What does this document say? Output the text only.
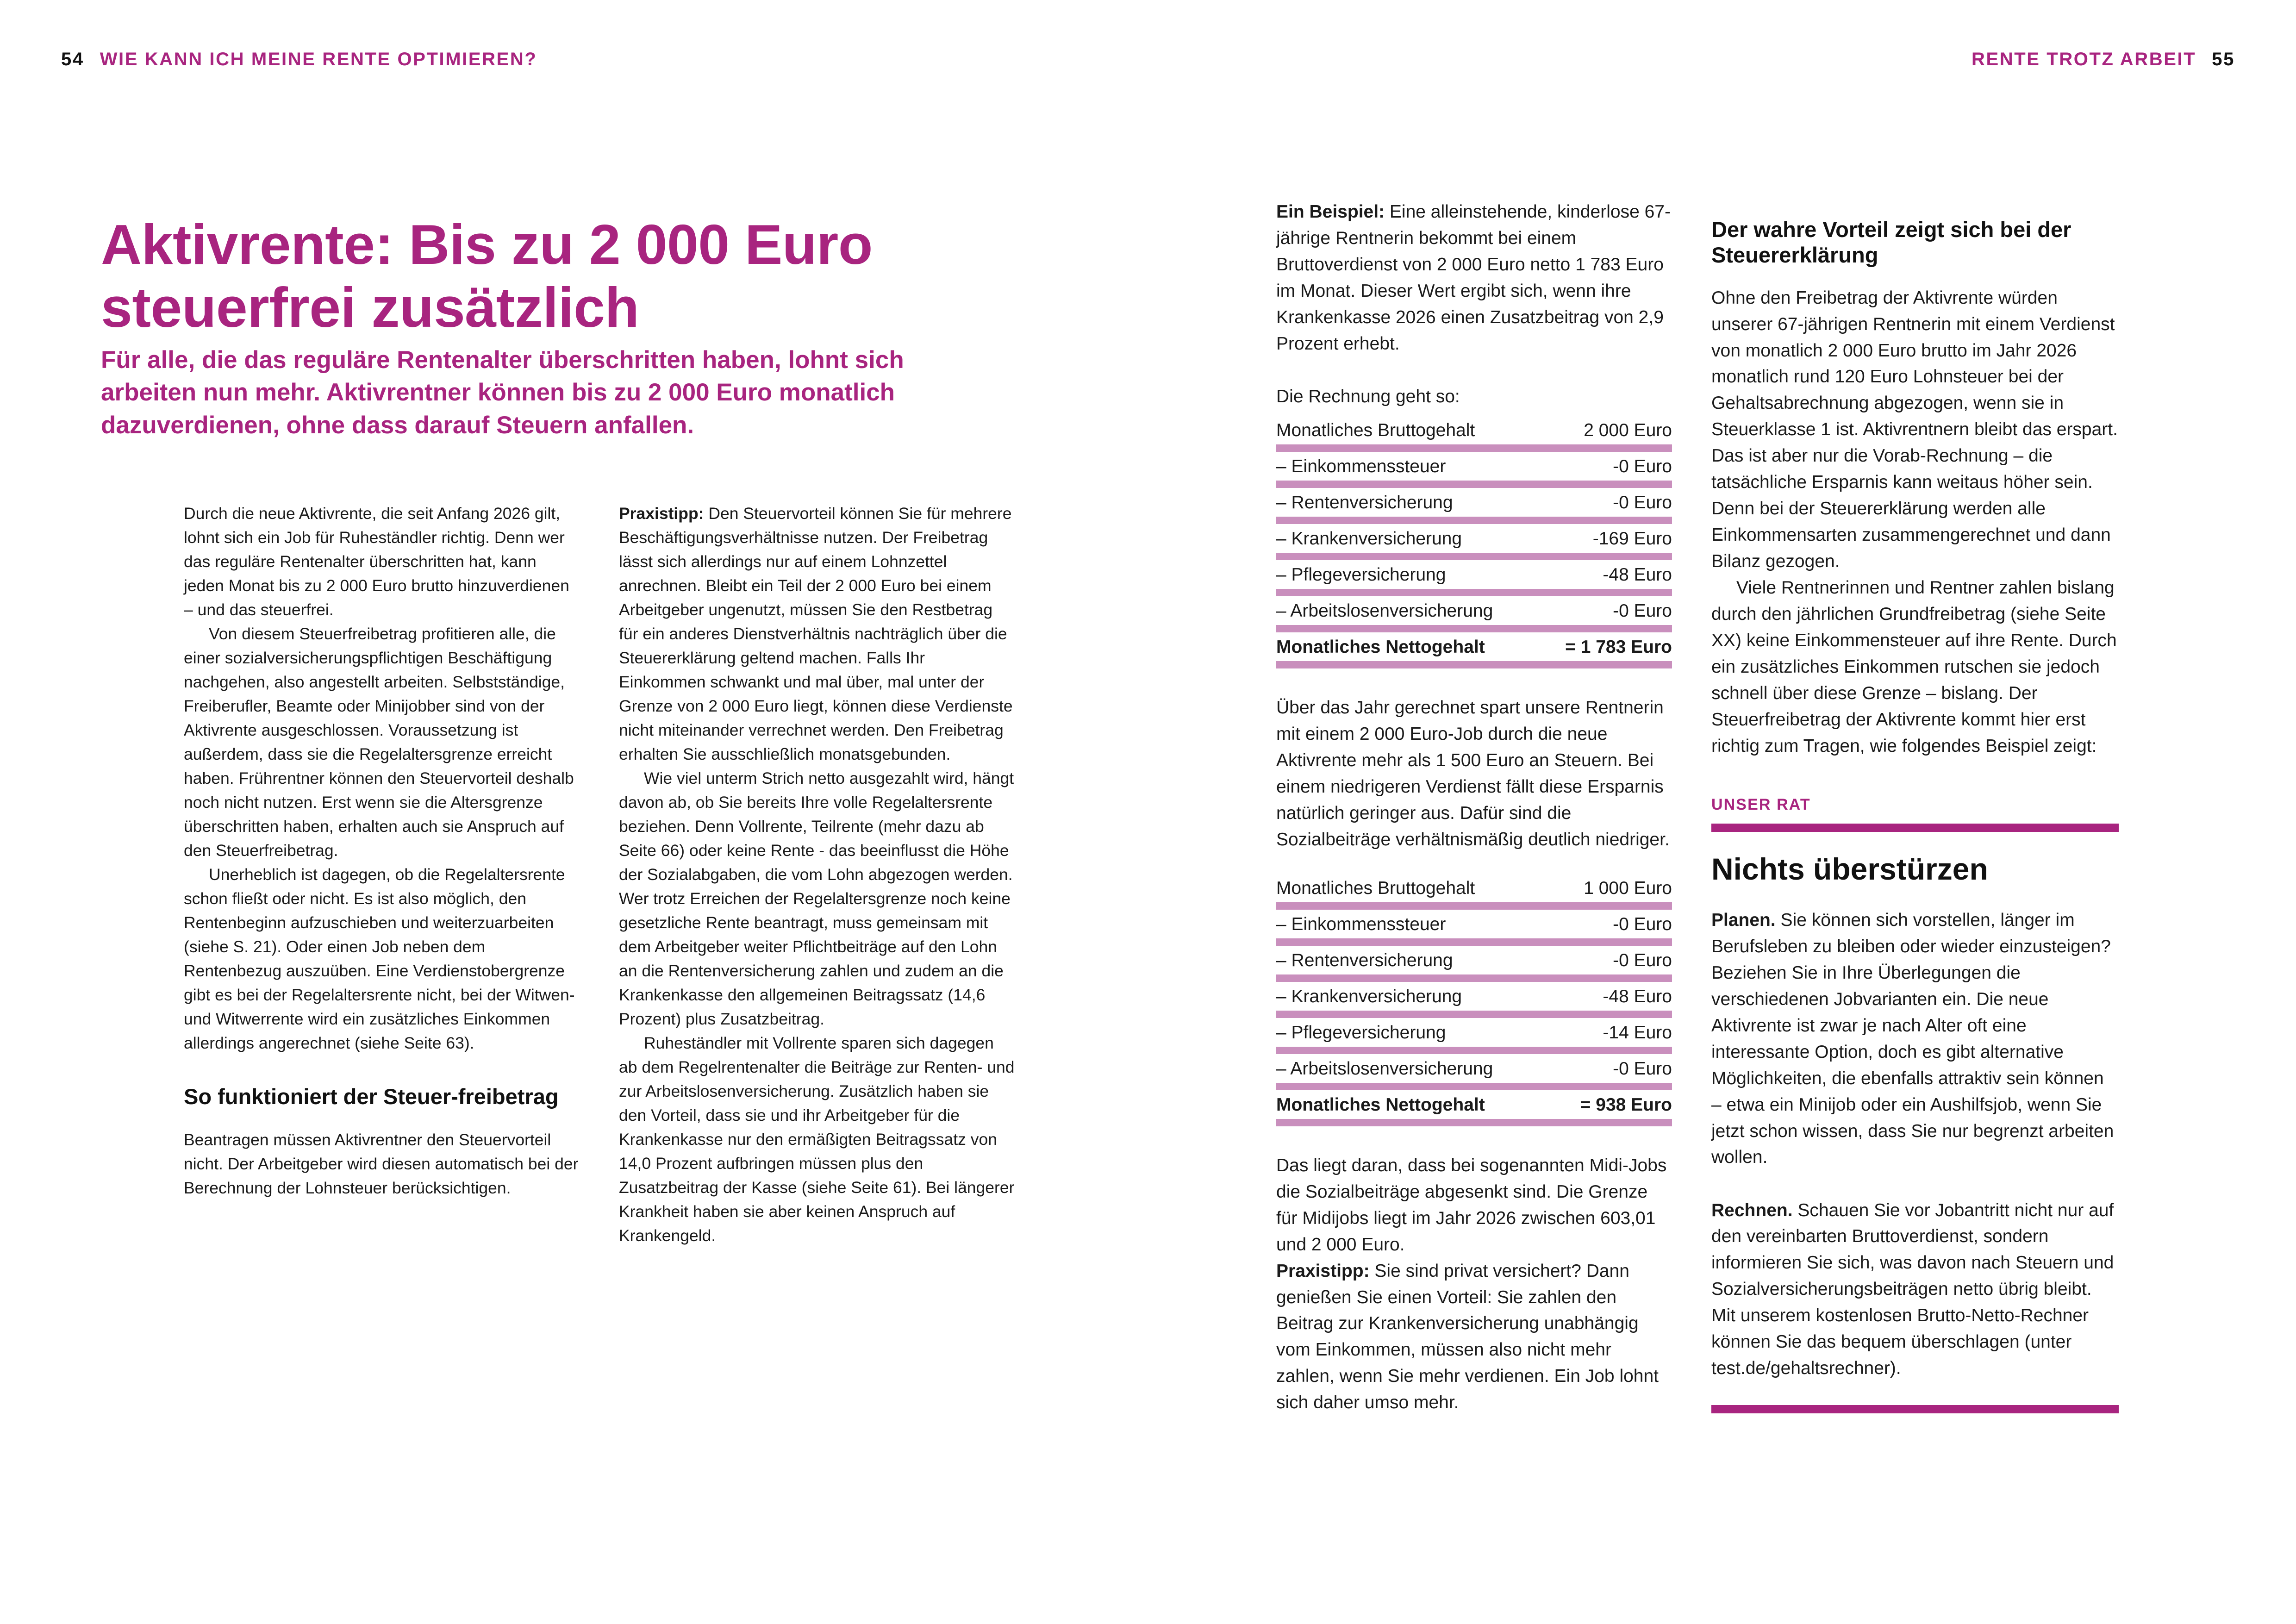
54 WIE KANN ICH MEINE RENTE OPTIMIEREN?	RENTE TROTZ ARBEIT 55
Aktivrente: Bis zu 2 000 Euro steuerfrei zusätzlich

Für alle, die das reguläre Rentenalter überschritten haben, lohnt sich arbeiten nun mehr. Aktivrentner können bis zu 2 000 Euro monatlich dazuverdienen, ohne dass darauf Steuern anfallen.

Durch die neue Aktivrente, die seit Anfang 2026 gilt, lohnt sich ein Job für Ruheständler richtig. Denn wer das reguläre Rentenalter überschritten hat, kann jeden Monat bis zu 2 000 Euro brutto hinzuverdienen – und das steuerfrei.

Von diesem Steuerfreibetrag profitieren alle, die einer sozialversicherungspflichtigen Beschäftigung nachgehen, also angestellt arbeiten. Selbstständige, Freiberufler, Beamte oder Minijobber sind von der Aktivrente ausgeschlossen. Voraussetzung ist außerdem, dass sie die Regelaltersgrenze erreicht haben. Frührentner können den Steuervorteil deshalb noch nicht nutzen. Erst wenn sie die Altersgrenze überschritten haben, erhalten auch sie Anspruch auf den Steuerfreibetrag.

Unerheblich ist dagegen, ob die Regelaltersrente schon fließt oder nicht. Es ist also möglich, den Rentenbeginn aufzuschieben und weiterzuarbeiten (siehe S. 21). Oder einen Job neben dem Rentenbezug auszuüben. Eine Verdienstobergrenze gibt es bei der Regelaltersrente nicht, bei der Witwen- und Witwerrente wird ein zusätzliches Einkommen allerdings angerechnet (siehe Seite 63).

So funktioniert der Steuer-freibetrag

Beantragen müssen Aktivrentner den Steuervorteil nicht. Der Arbeitgeber wird diesen automatisch bei der Berechnung der Lohnsteuer berücksichtigen.

Praxistipp: Den Steuervorteil können Sie für mehrere Beschäftigungsverhältnisse nutzen. Der Freibetrag lässt sich allerdings nur auf einem Lohnzettel anrechnen. Bleibt ein Teil der 2 000 Euro bei einem Arbeitgeber ungenutzt, müssen Sie den Restbetrag für ein anderes Dienstverhältnis nachträglich über die Steuererklärung geltend machen. Falls Ihr Einkommen schwankt und mal über, mal unter der Grenze von 2 000 Euro liegt, können diese Verdienste nicht miteinander verrechnet werden. Den Freibetrag erhalten Sie ausschließlich monatsgebunden.

Wie viel unterm Strich netto ausgezahlt wird, hängt davon ab, ob Sie bereits Ihre volle Regelaltersrente beziehen. Denn Vollrente, Teilrente (mehr dazu ab Seite 66) oder keine Rente - das beeinflusst die Höhe der Sozialabgaben, die vom Lohn abgezogen werden. Wer trotz Erreichen der Regelaltersgrenze noch keine gesetzliche Rente beantragt, muss gemeinsam mit dem Arbeitgeber weiter Pflichtbeiträge auf den Lohn an die Rentenversicherung zahlen und zudem an die Krankenkasse den allgemeinen Beitragssatz (14,6 Prozent) plus Zusatzbeitrag.

Ruheständler mit Vollrente sparen sich dagegen ab dem Regelrentenalter die Beiträge zur Renten- und zur Arbeitslosenversicherung. Zusätzlich haben sie den Vorteil, dass sie und ihr Arbeitgeber für die Krankenkasse nur den ermäßigten Beitragssatz von 14,0 Prozent aufbringen müssen plus den Zusatzbeitrag der Kasse (siehe Seite 61). Bei längerer Krankheit haben sie aber keinen Anspruch auf Krankengeld.

Ein Beispiel: Eine alleinstehende, kinderlose 67-jährige Rentnerin bekommt bei einem Bruttoverdienst von 2 000 Euro netto 1 783 Euro im Monat. Dieser Wert ergibt sich, wenn ihre Krankenkasse 2026 einen Zusatzbeitrag von 2,9 Prozent erhebt.

Die Rechnung geht so:

Monatliches Bruttogehalt	2 000 Euro
– Einkommenssteuer	-0 Euro
– Rentenversicherung	-0 Euro
– Krankenversicherung	-169 Euro
– Pflegeversicherung	-48 Euro
– Arbeitslosenversicherung	-0 Euro
Monatliches Nettogehalt	= 1 783 Euro

Über das Jahr gerechnet spart unsere Rentnerin mit einem 2 000 Euro-Job durch die neue Aktivrente mehr als 1 500 Euro an Steuern. Bei einem niedrigeren Verdienst fällt diese Ersparnis natürlich geringer aus. Dafür sind die Sozialbeiträge verhältnismäßig deutlich niedriger.

Monatliches Bruttogehalt	1 000 Euro
– Einkommenssteuer	-0 Euro
– Rentenversicherung	-0 Euro
– Krankenversicherung	-48 Euro
– Pflegeversicherung	-14 Euro
– Arbeitslosenversicherung	-0 Euro
Monatliches Nettogehalt	= 938 Euro

Das liegt daran, dass bei sogenannten Midi-Jobs die Sozialbeiträge abgesenkt sind. Die Grenze für Midijobs liegt im Jahr 2026 zwischen 603,01 und 2 000 Euro.

Praxistipp: Sie sind privat versichert? Dann genießen Sie einen Vorteil: Sie zahlen den Beitrag zur Krankenversicherung unabhängig vom Einkommen, müssen also nicht mehr zahlen, wenn Sie mehr verdienen. Ein Job lohnt sich daher umso mehr.

Der wahre Vorteil zeigt sich bei der Steuererklärung

Ohne den Freibetrag der Aktivrente würden unserer 67-jährigen Rentnerin mit einem Verdienst von monatlich 2 000 Euro brutto im Jahr 2026 monatlich rund 120 Euro Lohnsteuer bei der Gehaltsabrechnung abgezogen, wenn sie in Steuerklasse 1 ist. Aktivrentnern bleibt das erspart. Das ist aber nur die Vorab-Rechnung – die tatsächliche Ersparnis kann weitaus höher sein. Denn bei der Steuererklärung werden alle Einkommensarten zusammengerechnet und dann Bilanz gezogen.

Viele Rentnerinnen und Rentner zahlen bislang durch den jährlichen Grundfreibetrag (siehe Seite XX) keine Einkommensteuer auf ihre Rente. Durch ein zusätzliches Einkommen rutschen sie jedoch schnell über diese Grenze – bislang. Der Steuerfreibetrag der Aktivrente kommt hier erst richtig zum Tragen, wie folgendes Beispiel zeigt:

UNSER RAT
Nichts überstürzen

Planen. Sie können sich vorstellen, länger im Berufsleben zu bleiben oder wieder einzusteigen? Beziehen Sie in Ihre Überlegungen die verschiedenen Jobvarianten ein. Die neue Aktivrente ist zwar je nach Alter oft eine interessante Option, doch es gibt alternative Möglichkeiten, die ebenfalls attraktiv sein können – etwa ein Minijob oder ein Aushilfsjob, wenn Sie jetzt schon wissen, dass Sie nur begrenzt arbeiten wollen.

Rechnen. Schauen Sie vor Jobantritt nicht nur auf den vereinbarten Bruttoverdienst, sondern informieren Sie sich, was davon nach Steuern und Sozialversicherungsbeiträgen netto übrig bleibt. Mit unserem kostenlosen Brutto-Netto-Rechner können Sie das bequem überschlagen (unter test.de/gehaltsrechner).
